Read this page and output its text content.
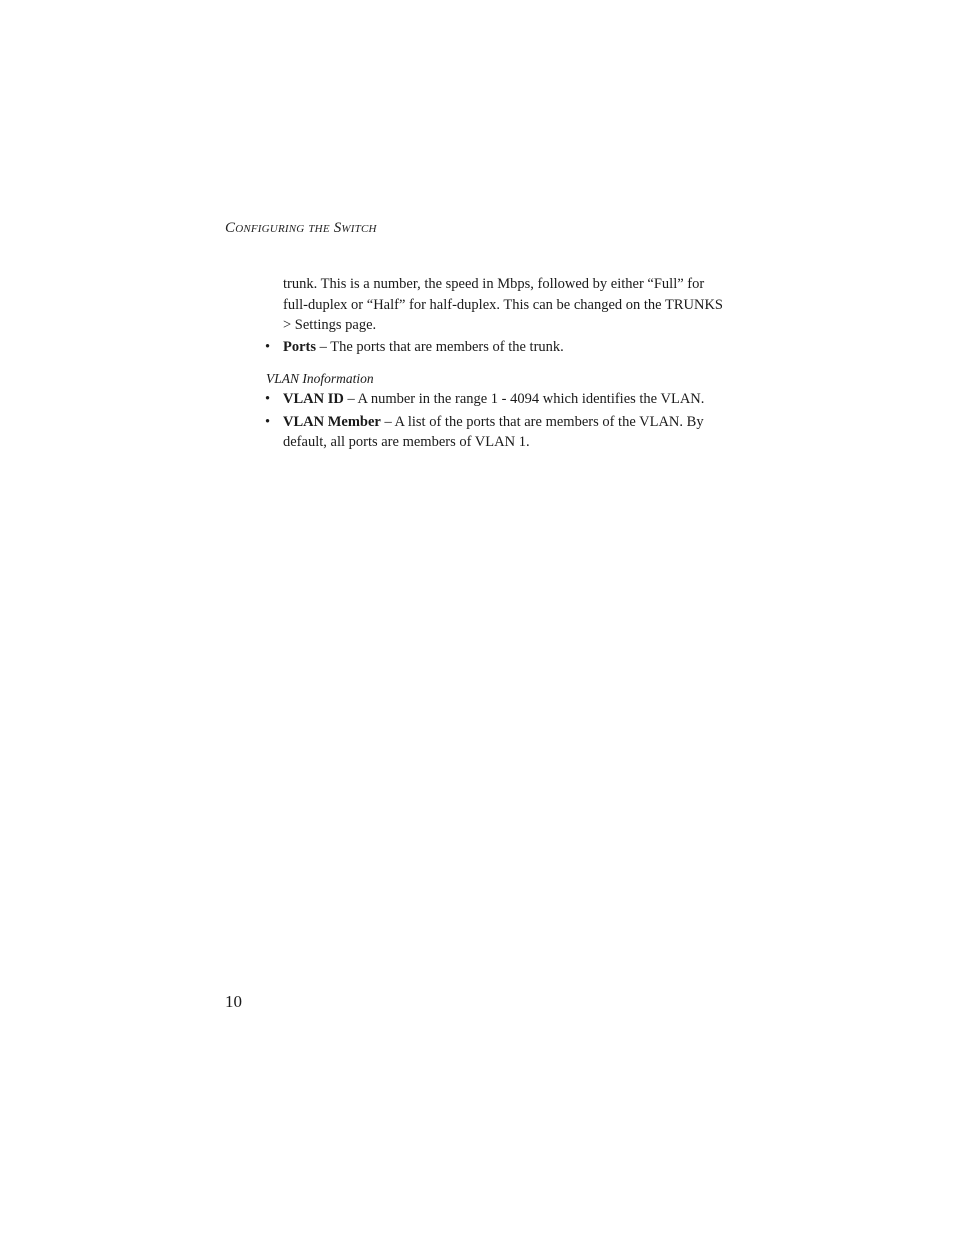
Configuring the Switch

trunk. This is a number, the speed in Mbps, followed by either “Full” for full-duplex or “Half” for half-duplex. This can be changed on the TRUNKS > Settings page.

• Ports – The ports that are members of the trunk.
VLAN Inoformation
• VLAN ID – A number in the range 1 - 4094 which identifies the VLAN.
• VLAN Member – A list of the ports that are members of the VLAN. By default, all ports are members of VLAN 1.
10
